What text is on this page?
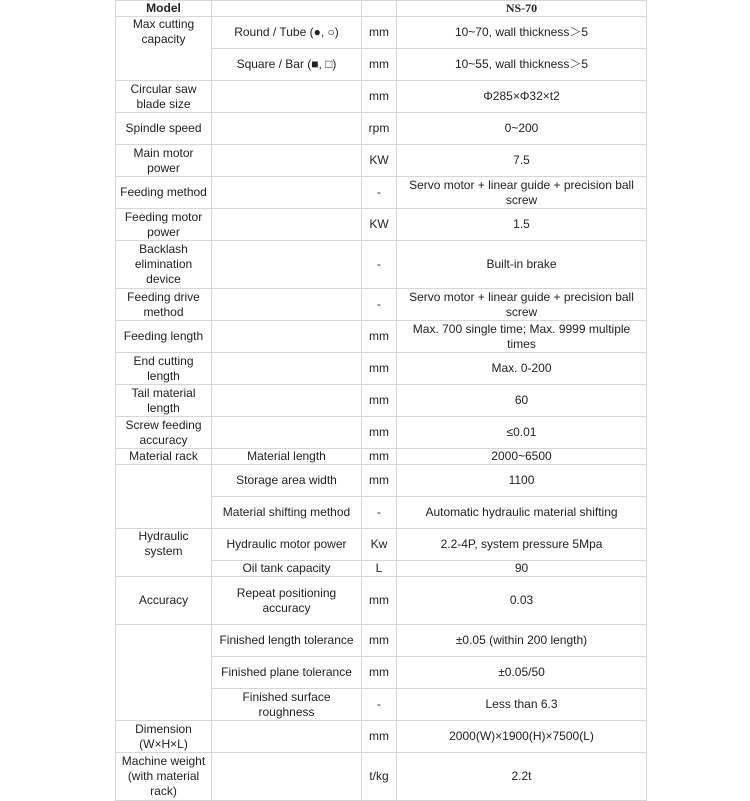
Model			NS-70
Max cutting capacity	Round / Tube (●, ○)	mm	10~70, wall thickness＞5
	Square / Bar (■, □)	mm	10~55, wall thickness＞5
Circular saw blade size		mm	Φ285×Φ32×t2
Spindle speed		rpm	0~200
Main motor power		KW	7.5
Feeding method		-	Servo motor + linear guide + precision ball screw
Feeding motor power		KW	1.5
Backlash elimination device		-	Built-in brake
Feeding drive method		-	Servo motor + linear guide + precision ball screw
Feeding length		mm	Max. 700 single time; Max. 9999 multiple times
End cutting length		mm	Max. 0-200
Tail material length		mm	60
Screw feeding accuracy		mm	≤0.01
Material rack	Material length	mm	2000~6500
	Storage area width	mm	1100
	Material shifting method	-	Automatic hydraulic material shifting
Hydraulic system	Hydraulic motor power	Kw	2.2-4P, system pressure 5Mpa
	Oil tank capacity	L	90
Accuracy	Repeat positioning accuracy	mm	0.03
	Finished length tolerance	mm	±0.05 (within 200 length)
	Finished plane tolerance	mm	±0.05/50
	Finished surface roughness	-	Less than 6.3
Dimension (W×H×L)		mm	2000(W)×1900(H)×7500(L)
Machine weight (with material rack)		t/kg	2.2t
